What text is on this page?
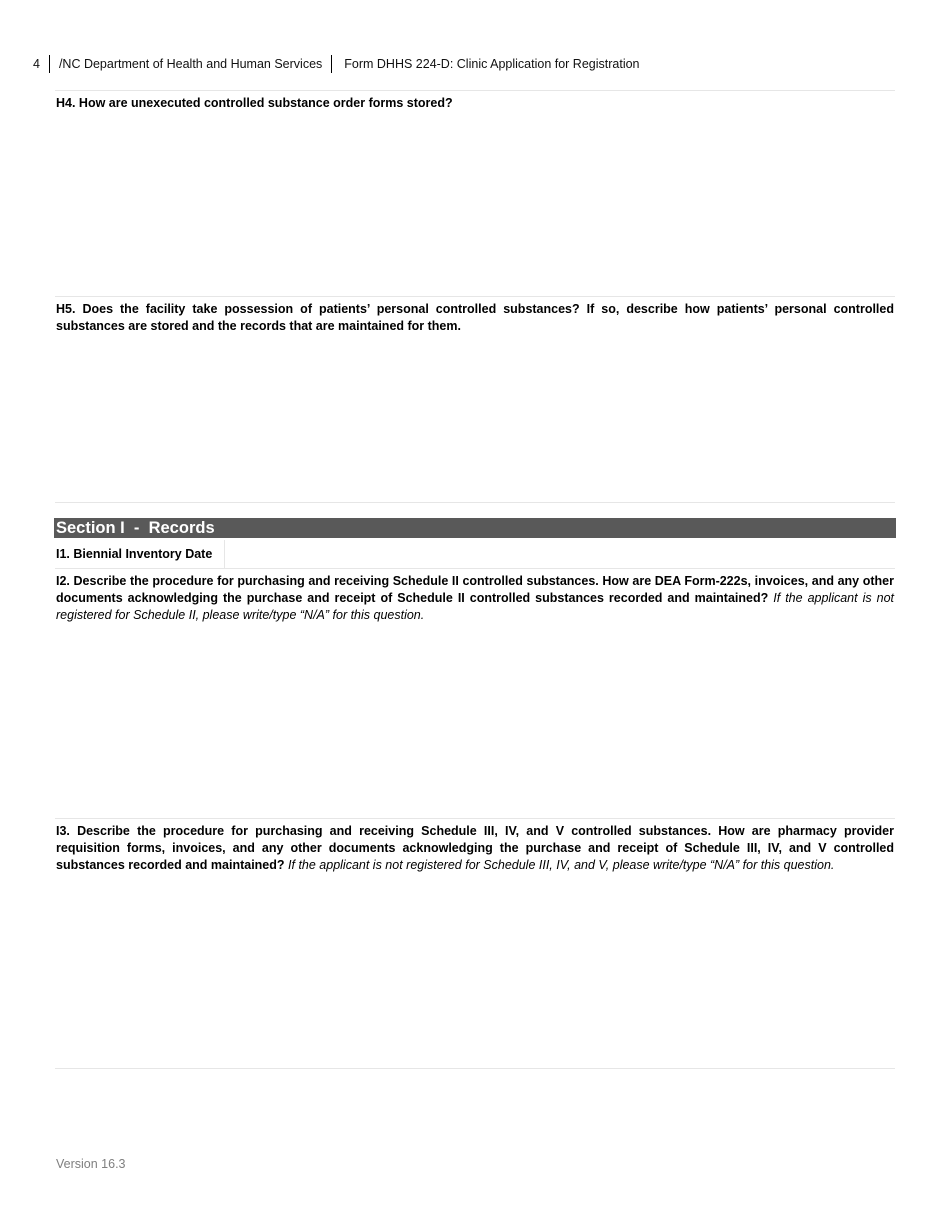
4	/NC Department of Health and Human Services	Form DHHS 224-D: Clinic Application for Registration
H4. How are unexecuted controlled substance order forms stored?
H5. Does the facility take possession of patients’ personal controlled substances? If so, describe how patients’ personal controlled substances are stored and the records that are maintained for them.
Section I  -  Records
I1. Biennial Inventory Date
I2. Describe the procedure for purchasing and receiving Schedule II controlled substances. How are DEA Form-222s, invoices, and any other documents acknowledging the purchase and receipt of Schedule II controlled substances recorded and maintained? If the applicant is not registered for Schedule II, please write/type “N/A” for this question.
I3. Describe the procedure for purchasing and receiving Schedule III, IV, and V controlled substances. How are pharmacy provider requisition forms, invoices, and any other documents acknowledging the purchase and receipt of Schedule III, IV, and V controlled substances recorded and maintained? If the applicant is not registered for Schedule III, IV, and V, please write/type “N/A” for this question.
Version 16.3
